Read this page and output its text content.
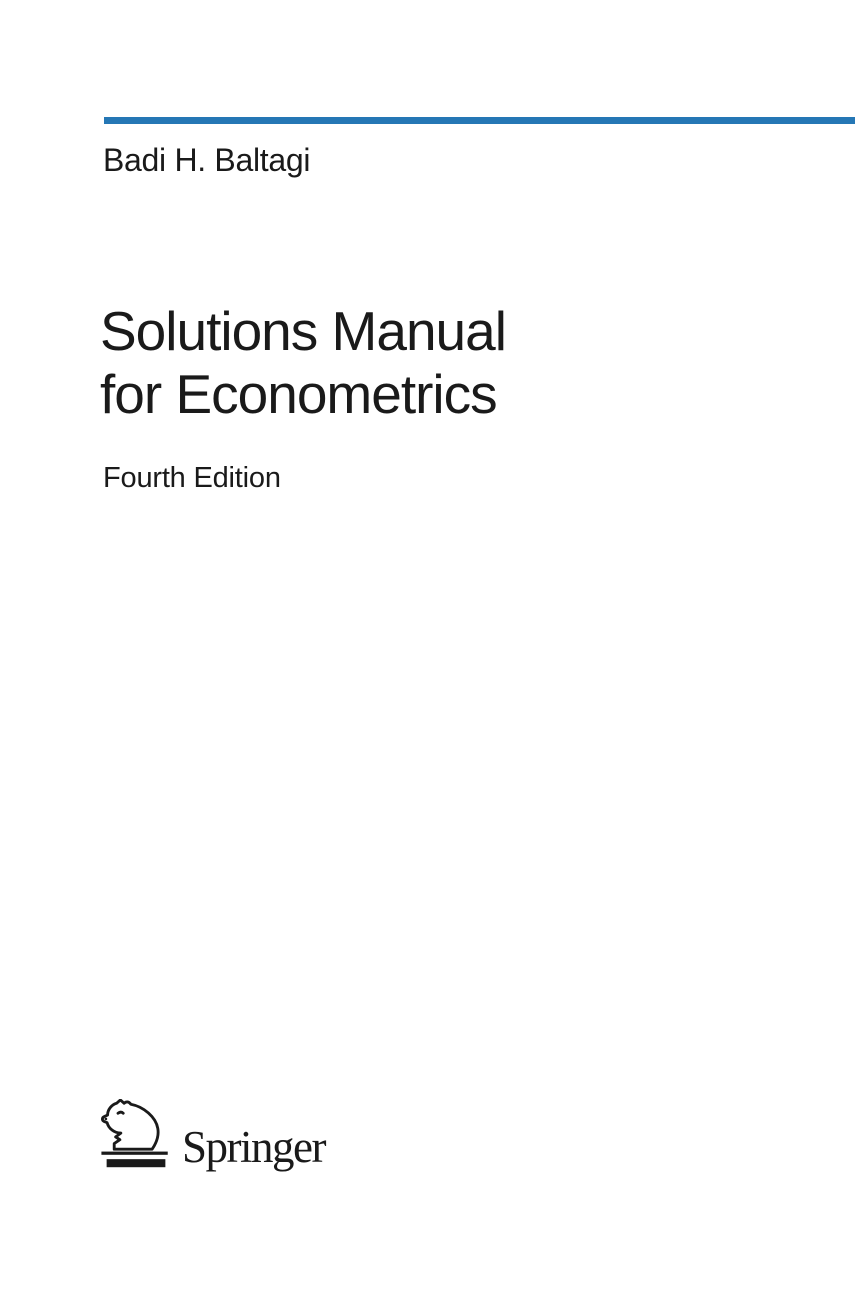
Badi H. Baltagi
Solutions Manual
for Econometrics
Fourth Edition
Springer
